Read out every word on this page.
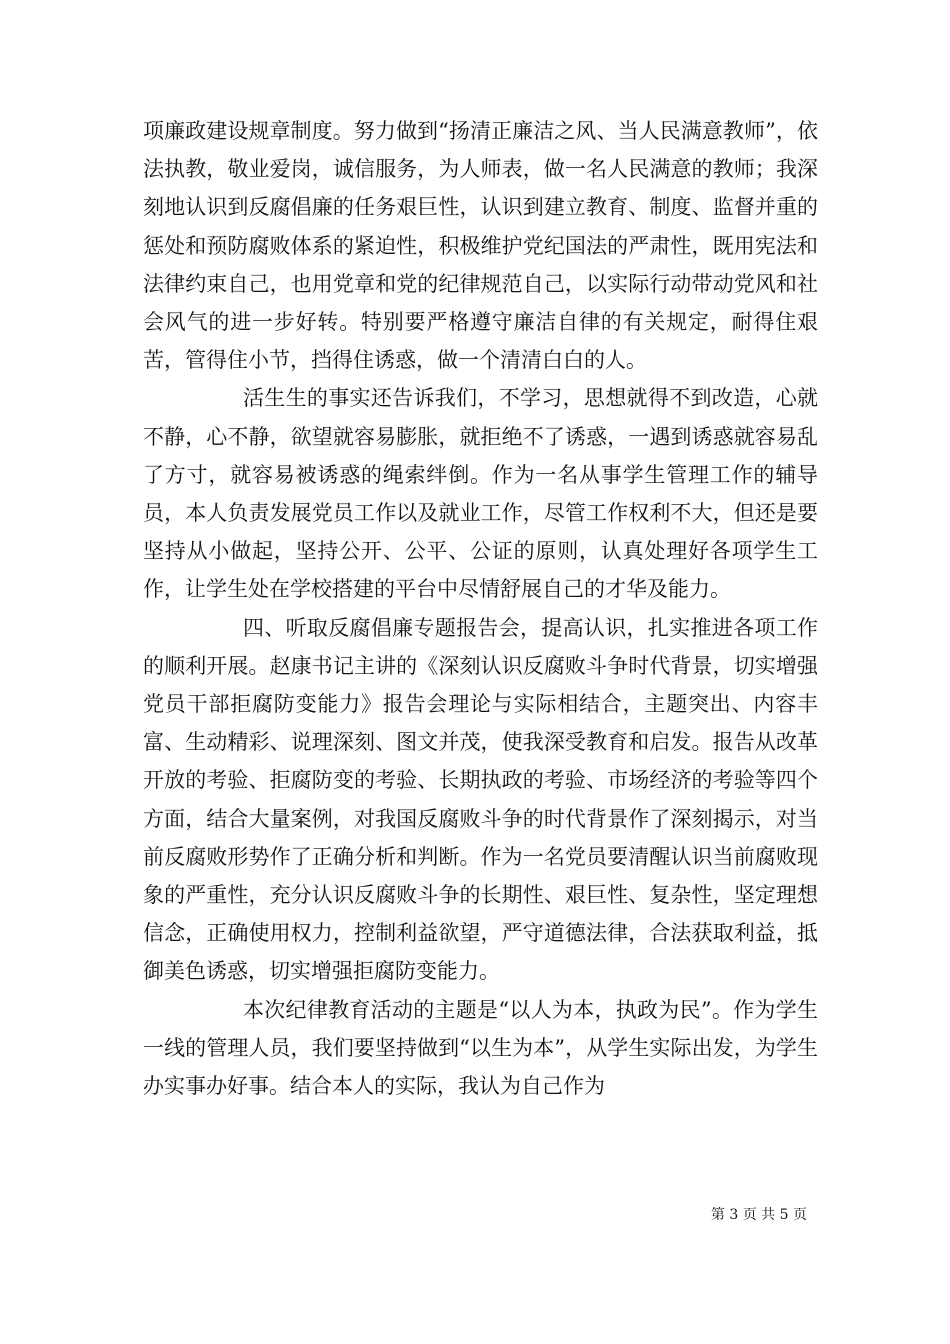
项廉政建设规章制度。努力做到“扬清正廉洁之风、当人民满意教师”，依法执教，敬业爱岗，诚信服务，为人师表，做一名人民满意的教师；我深刻地认识到反腐倡廉的任务艰巨性，认识到建立教育、制度、监督并重的惩处和预防腐败体系的紧迫性，积极维护党纪国法的严肃性，既用宪法和法律约束自己，也用党章和党的纪律规范自己，以实际行动带动党风和社会风气的进一步好转。特别要严格遵守廉洁自律的有关规定，耐得住艰苦，管得住小节，挡得住诱惑，做一个清清白白的人。

活生生的事实还告诉我们，不学习，思想就得不到改造，心就不静，心不静，欲望就容易膨胀，就拒绝不了诱惑，一遇到诱惑就容易乱了方寸，就容易被诱惑的绳索绊倒。作为一名从事学生管理工作的辅导员，本人负责发展党员工作以及就业工作，尽管工作权利不大，但还是要坚持从小做起，坚持公开、公平、公证的原则，认真处理好各项学生工作，让学生处在学校搭建的平台中尽情舒展自己的才华及能力。

四、听取反腐倡廉专题报告会，提高认识，扎实推进各项工作的顺利开展。赵康书记主讲的《深刻认识反腐败斗争时代背景，切实增强党员干部拒腐防变能力》报告会理论与实际相结合，主题突出、内容丰富、生动精彩、说理深刻、图文并茂，使我深受教育和启发。报告从改革开放的考验、拒腐防变的考验、长期执政的考验、市场经济的考验等四个方面，结合大量案例，对我国反腐败斗争的时代背景作了深刻揭示，对当前反腐败形势作了正确分析和判断。作为一名党员要清醒认识当前腐败现象的严重性，充分认识反腐败斗争的长期性、艰巨性、复杂性，坚定理想信念，正确使用权力，控制利益欲望，严守道德法律，合法获取利益，抵御美色诱惑，切实增强拒腐防变能力。

本次纪律教育活动的主题是“以人为本，执政为民”。作为学生一线的管理人员，我们要坚持做到“以生为本”，从学生实际出发，为学生办实事办好事。结合本人的实际，我认为自己作为

第 3 页 共 5 页
